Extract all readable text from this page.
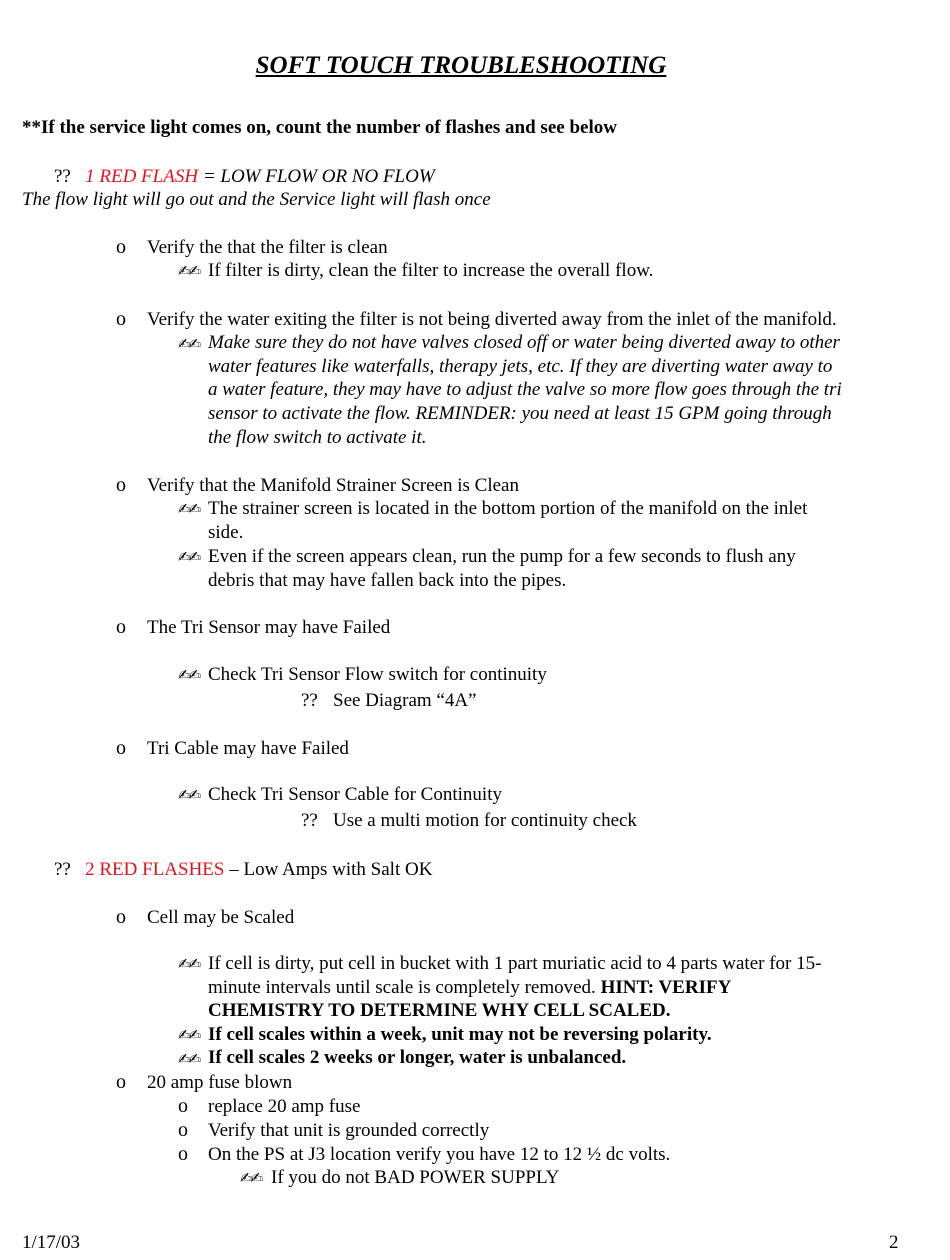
SOFT TOUCH TROUBLESHOOTING
**If the service light comes on, count the number of flashes and see below
?? 1 RED FLASH = LOW FLOW OR NO FLOW
The flow light will go out and the Service light will flash once
o Verify the that the filter is clean
✍✍ If filter is dirty, clean the filter to increase the overall flow.
o Verify the water exiting the filter is not being diverted away from the inlet of the manifold.
✍✍ Make sure they do not have valves closed off or water being diverted away to other
water features like waterfalls, therapy jets, etc. If they are diverting water away to
a water feature, they may have to adjust the valve so more flow goes through the tri
sensor to activate the flow. REMINDER: you need at least 15 GPM going through
the flow switch to activate it.
o Verify that the Manifold Strainer Screen is Clean
✍✍ The strainer screen is located in the bottom portion of the manifold on the inlet
side.
✍✍ Even if the screen appears clean, run the pump for a few seconds to flush any
debris that may have fallen back into the pipes.
o The Tri Sensor may have Failed
✍✍ Check Tri Sensor Flow switch for continuity
?? See Diagram “4A”
o Tri Cable may have Failed
✍✍ Check Tri Sensor Cable for Continuity
?? Use a multi motion for continuity check
?? 2 RED FLASHES – Low Amps with Salt OK
o Cell may be Scaled
✍✍ If cell is dirty, put cell in bucket with 1 part muriatic acid to 4 parts water for 15-
minute intervals until scale is completely removed. HINT: VERIFY
CHEMISTRY TO DETERMINE WHY CELL SCALED.
✍✍ If cell scales within a week, unit may not be reversing polarity.
✍✍ If cell scales 2 weeks or longer, water is unbalanced.
o 20 amp fuse blown
o replace 20 amp fuse
o Verify that unit is grounded correctly
o On the PS at J3 location verify you have 12 to 12 ½ dc volts.
✍✍ If you do not BAD POWER SUPPLY
1/17/03	2
